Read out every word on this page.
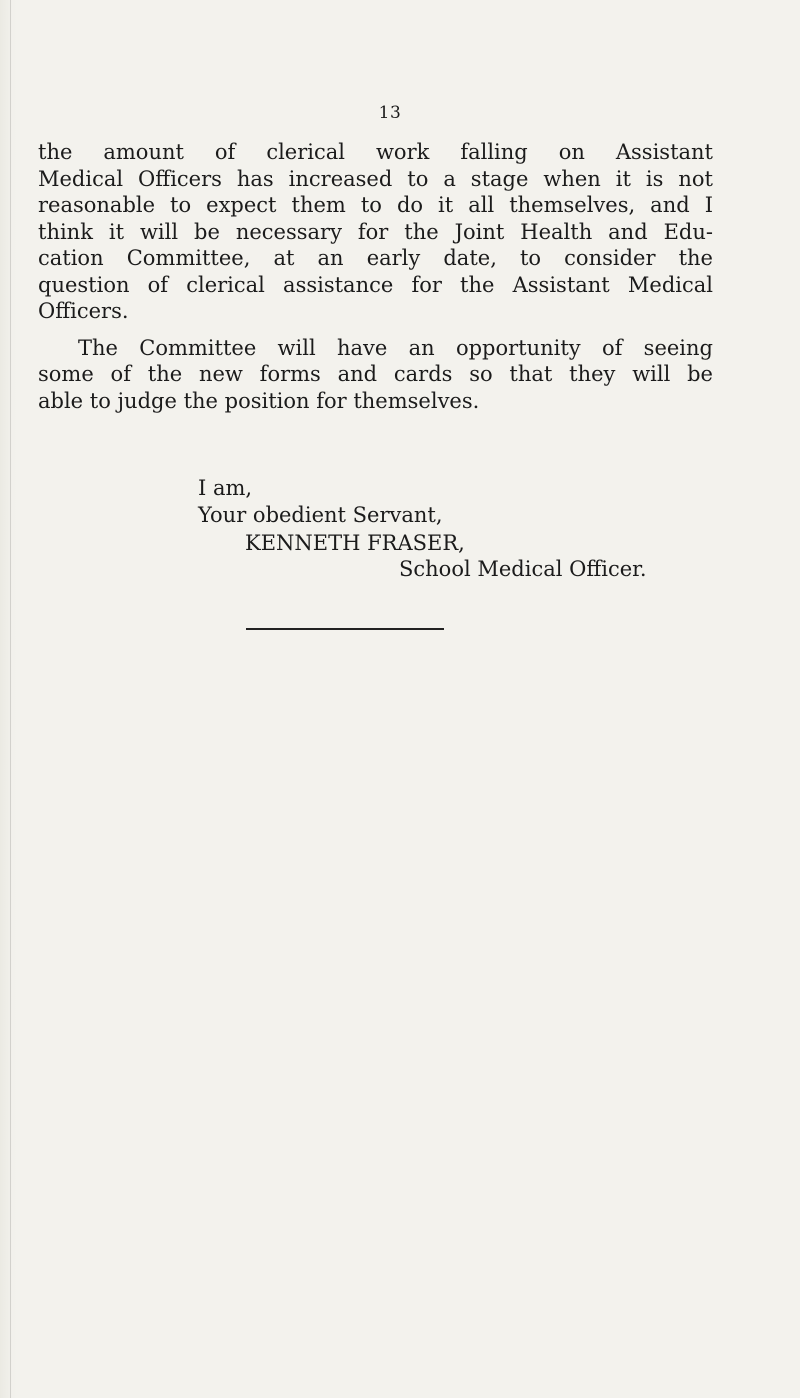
13

the amount of clerical work falling on Assistant
Medical Officers has increased to a stage when it is not
reasonable to expect them to do it all themselves, and I
think it will be necessary for the Joint Health and Edu-
cation Committee, at an early date, to consider the
question of clerical assistance for the Assistant Medical
Officers.

The Committee will have an opportunity of seeing
some of the new forms and cards so that they will be
able to judge the position for themselves.

I am,
Your obedient Servant,
KENNETH FRASER,
School Medical Officer.
